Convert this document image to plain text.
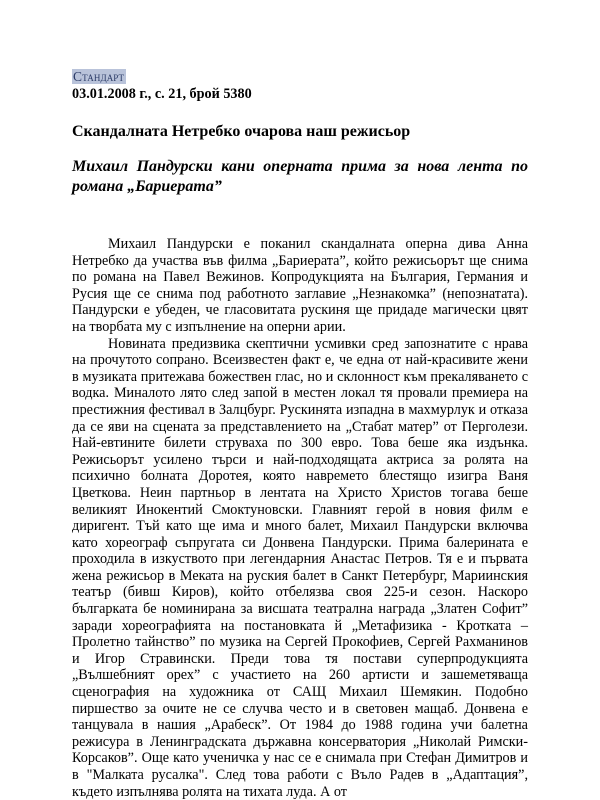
Стандарт
03.01.2008 г., с. 21, брой 5380
Скандалната Нетребко очарова наш режисьор
Михаил Пандурски кани оперната прима за нова лента по романа „Бариерата”

Михаил Пандурски е поканил скандалната оперна дива Анна Нетребко да участва във филма „Бариерата”, който режисьорът ще снима по романа на Павел Вежинов. Копродукцията на България, Германия и Русия ще се снима под работното заглавие „Незнакомка” (непознатата). Пандурски е убеден, че гласовитата рускиня ще придаде магически цвят на творбата му с изпълнение на оперни арии.

Новината предизвика скептични усмивки сред запознатите с нрава на прочутото сопрано. Всеизвестен факт е, че една от най-красивите жени в музиката притежава божествен глас, но и склонност към прекаляването с водка. Миналото лято след запой в местен локал тя провали премиера на престижния фестивал в Залцбург. Рускинята изпадна в махмурлук и отказа да се яви на сцената за представлението на „Стабат матер” от Перголези. Най-евтините билети струваха по 300 евро. Това беше яка издънка. Режисьорът усилено търси и най-подходящата актриса за ролята на психично болната Доротея, която навремето блестящо изигра Ваня Цветкова. Неин партньор в лентата на Христо Христов тогава беше великият Инокентий Смоктуновски. Главният герой в новия филм е диригент. Тъй като ще има и много балет, Михаил Пандурски включва като хореограф съпругата си Донвена Пандурски. Прима балерината е проходила в изкуството при легендарния Анастас Петров. Тя е и първата жена режисьор в Меката на руския балет в Санкт Петербург, Мариинския театър (бивш Киров), който отбелязва своя 225-и сезон. Наскоро българката бе номинирана за висшата театрална награда „Златен Софит” заради хореографията на постановката й „Метафизика - Кротката – Пролетно тайнство” по музика на Сергей Прокофиев, Сергей Рахманинов и Игор Стравински. Преди това тя постави суперпродукцията „Вълшебният орех” с участието на 260 артисти и зашеметяваща сценография на художника от САЩ Михаил Шемякин. Подобно пиршество за очите не се случва често и в световен мащаб. Донвена е танцувала в нашия „Арабеск”. От 1984 до 1988 година учи балетна режисура в Ленинградската държавна консерватория „Николай Римски-Корсаков”. Още като ученичка у нас се е снимала при Стефан Димитров и в "Малката русалка". След това работи с Въло Радев в „Адаптация”, където изпълнява ролята на тихата луда. А от
